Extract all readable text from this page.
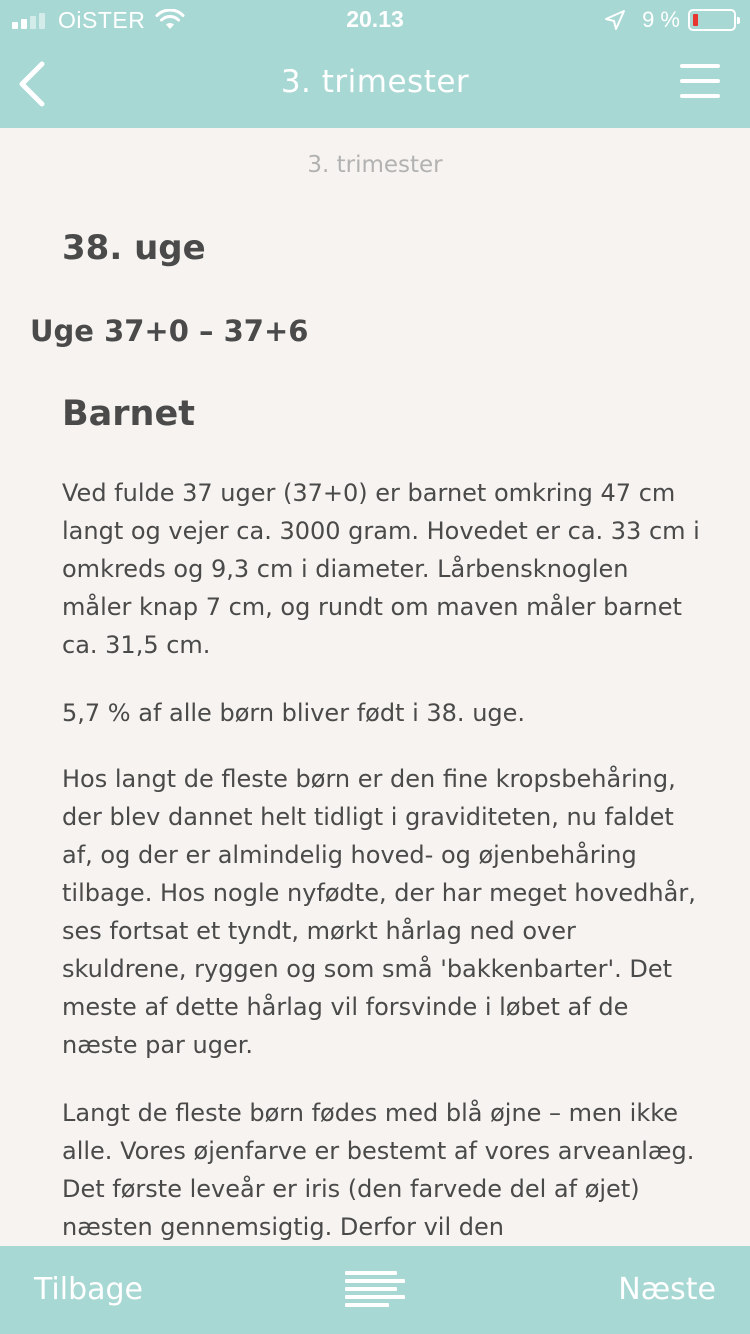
OiSTER	20.13	9 %
3. trimester
3. trimester
38. uge
Uge 37+0 – 37+6
Barnet

Ved fulde 37 uger (37+0) er barnet omkring 47 cm langt og vejer ca. 3000 gram. Hovedet er ca. 33 cm i omkreds og 9,3 cm i diameter. Lårbensknoglen måler knap 7 cm, og rundt om maven måler barnet ca. 31,5 cm.

5,7 % af alle børn bliver født i 38. uge.

Hos langt de fleste børn er den fine kropsbehåring, der blev dannet helt tidligt i graviditeten, nu faldet af, og der er almindelig hoved- og øjenbehåring tilbage. Hos nogle nyfødte, der har meget hovedhår, ses fortsat et tyndt, mørkt hårlag ned over skuldrene, ryggen og som små 'bakkenbarter'. Det meste af dette hårlag vil forsvinde i løbet af de næste par uger.

Langt de fleste børn fødes med blå øjne – men ikke alle. Vores øjenfarve er bestemt af vores arveanlæg. Det første leveår er iris (den farvede del af øjet) næsten gennemsigtig. Derfor vil den

Tilbage	Næste
